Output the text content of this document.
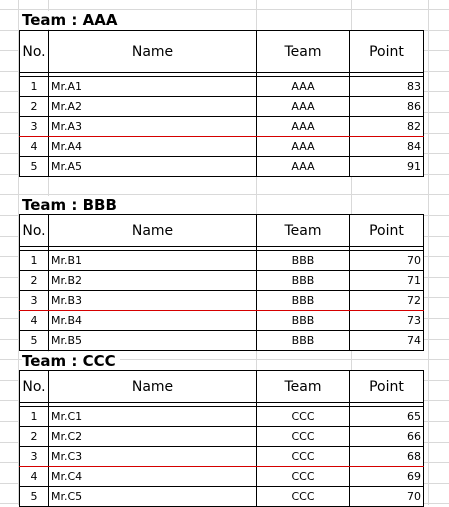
Team : AAA
No.	Name	Team	Point

1	Mr.A1	AAA	83
2	Mr.A2	AAA	86
3	Mr.A3	AAA	82
4	Mr.A4	AAA	84
5	Mr.A5	AAA	91
Team : BBB
No.	Name	Team	Point

1	Mr.B1	BBB	70
2	Mr.B2	BBB	71
3	Mr.B3	BBB	72
4	Mr.B4	BBB	73
5	Mr.B5	BBB	74
Team : CCC
No.	Name	Team	Point

1	Mr.C1	CCC	65
2	Mr.C2	CCC	66
3	Mr.C3	CCC	68
4	Mr.C4	CCC	69
5	Mr.C5	CCC	70
